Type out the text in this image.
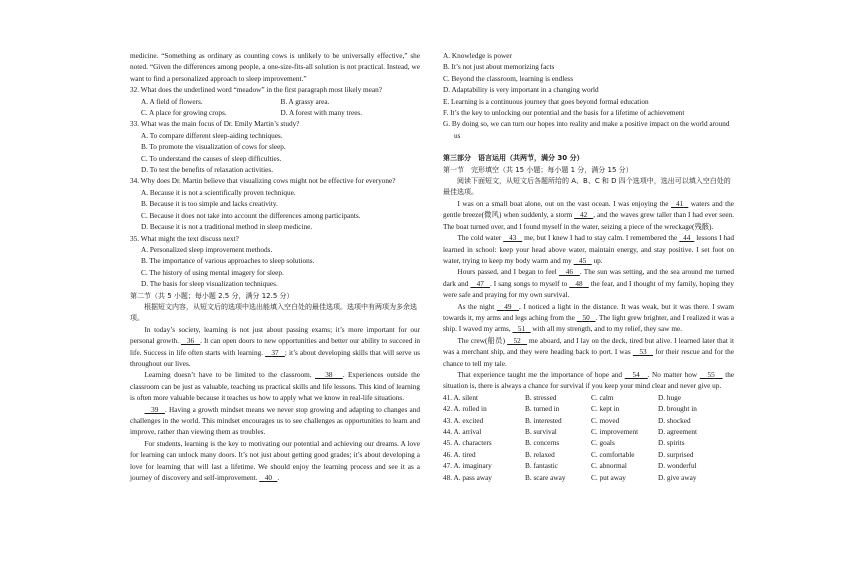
medicine. “Something as ordinary as counting cows is unlikely to be universally effective,” she noted. “Given the differences among people, a one-size-fits-all solution is not practical. Instead, we want to find a personalized approach to sleep improvement.”

32. What does the underlined word “meadow” in the first paragraph most likely mean?

A. A field of flowers.	B. A grassy area.
C. A place for growing crops.	D. A forest with many trees.

33. What was the main focus of Dr. Emily Martin’s study?

A. To compare different sleep-aiding techniques.

B. To promote the visualization of cows for sleep.

C. To understand the causes of sleep difficulties.

D. To test the benefits of relaxation activities.

34. Why does Dr. Martin believe that visualizing cows might not be effective for everyone?

A. Because it is not a scientifically proven technique.

B. Because it is too simple and lacks creativity.

C. Because it does not take into account the differences among participants.

D. Because it is not a traditional method in sleep medicine.

35. What might the text discuss next?

A. Personalized sleep improvement methods.

B. The importance of various approaches to sleep solutions.

C. The history of using mental imagery for sleep.

D. The basis for sleep visualization techniques.

第二节（共 5 小题；每小题 2.5 分，满分 12.5 分）

根据短文内容，从短文后的选项中选出能填入空白处的最佳选项。选项中有两项为多余选项。

In today’s society, learning is not just about passing exams; it’s more important for our personal growth.    36 . It can open doors to new opportunities and better our ability to succeed in life. Success in life often starts with learning.    37 ; it’s about developing skills that will serve us throughout our lives.

Learning doesn’t have to be limited to the classroom.    38 . Experiences outside the classroom can be just as valuable, teaching us practical skills and life lessons. This kind of learning is often more valuable because it teaches us how to apply what we know in real-life situations.

39 . Having a growth mindset means we never stop growing and adapting to changes and challenges in the world. This mindset encourages us to see challenges as opportunities to learn and improve, rather than viewing them as troubles.

For students, learning is the key to motivating our potential and achieving our dreams. A love for learning can unlock many doors. It’s not just about getting good grades; it’s about developing a love for learning that will last a lifetime. We should enjoy the learning process and see it as a journey of discovery and self-improvement.    40 .

A. Knowledge is power

B. It’s not just about memorizing facts

C. Beyond the classroom, learning is endless

D. Adaptability is very important in a changing world

E. Learning is a continuous journey that goes beyond formal education

F. It’s the key to unlocking our potential and the basis for a lifetime of achievement

G. By doing so, we can turn our hopes into reality and make a positive impact on the world around us

第三部分　语言运用（共两节，满分 30 分）

第一节　完形填空（共 15 小题；每小题 1 分，满分 15 分）

阅读下面短文，从短文后各题所给的 A、B、C 和 D 四个选项中，选出可以填入空白处的最佳选项。

I was on a small boat alone, out on the vast ocean. I was enjoying the   41   waters and the gentle breeze(微风) when suddenly, a storm    42 , and the waves grew taller than I had ever seen. The boat turned over, and I found myself in the water, seizing a piece of the wreckage(残骸).

The cold water    43    me, but I knew I had to stay calm. I remembered the   44   lessons I had learned in school: keep your head above water, maintain energy, and stay positive. I set foot on water, trying to keep my body warm and my    45    up.

Hours passed, and I began to feel    46 . The sun was setting, and the sea around me turned dark and    47 . I sang songs to myself to    48    the fear, and I thought of my family, hoping they were safe and praying for my own survival.

As the night    49 , I noticed a light in the distance. It was weak, but it was there. I swam towards it, my arms and legs aching from the    50 . The light grew brighter, and I realized it was a ship. I waved my arms,    51    with all my strength, and to my relief, they saw me.

The crew(船员)    52    me aboard, and I lay on the deck, tired but alive. I learned later that it was a merchant ship, and they were heading back to port. I was    53    for their rescue and for the chance to tell my tale.

That experience taught me the importance of hope and    54 . No matter how    55    the situation is, there is always a chance for survival if you keep your mind clear and never give up.

41. A. silent	B. stressed	C. calm	D. huge
42. A. rolled in	B. turned in	C. kept in	D. brought in
43. A. excited	B. interested	C. moved	D. shocked
44. A. arrival	B. survival	C. improvement	D. agreement
45. A. characters	B. concerns	C. goals	D. spirits
46. A. tired	B. relaxed	C. comfortable	D. surprised
47. A. imaginary	B. fantastic	C. abnormal	D. wonderful
48. A. pass away	B. scare away	C. put away	D. give away
